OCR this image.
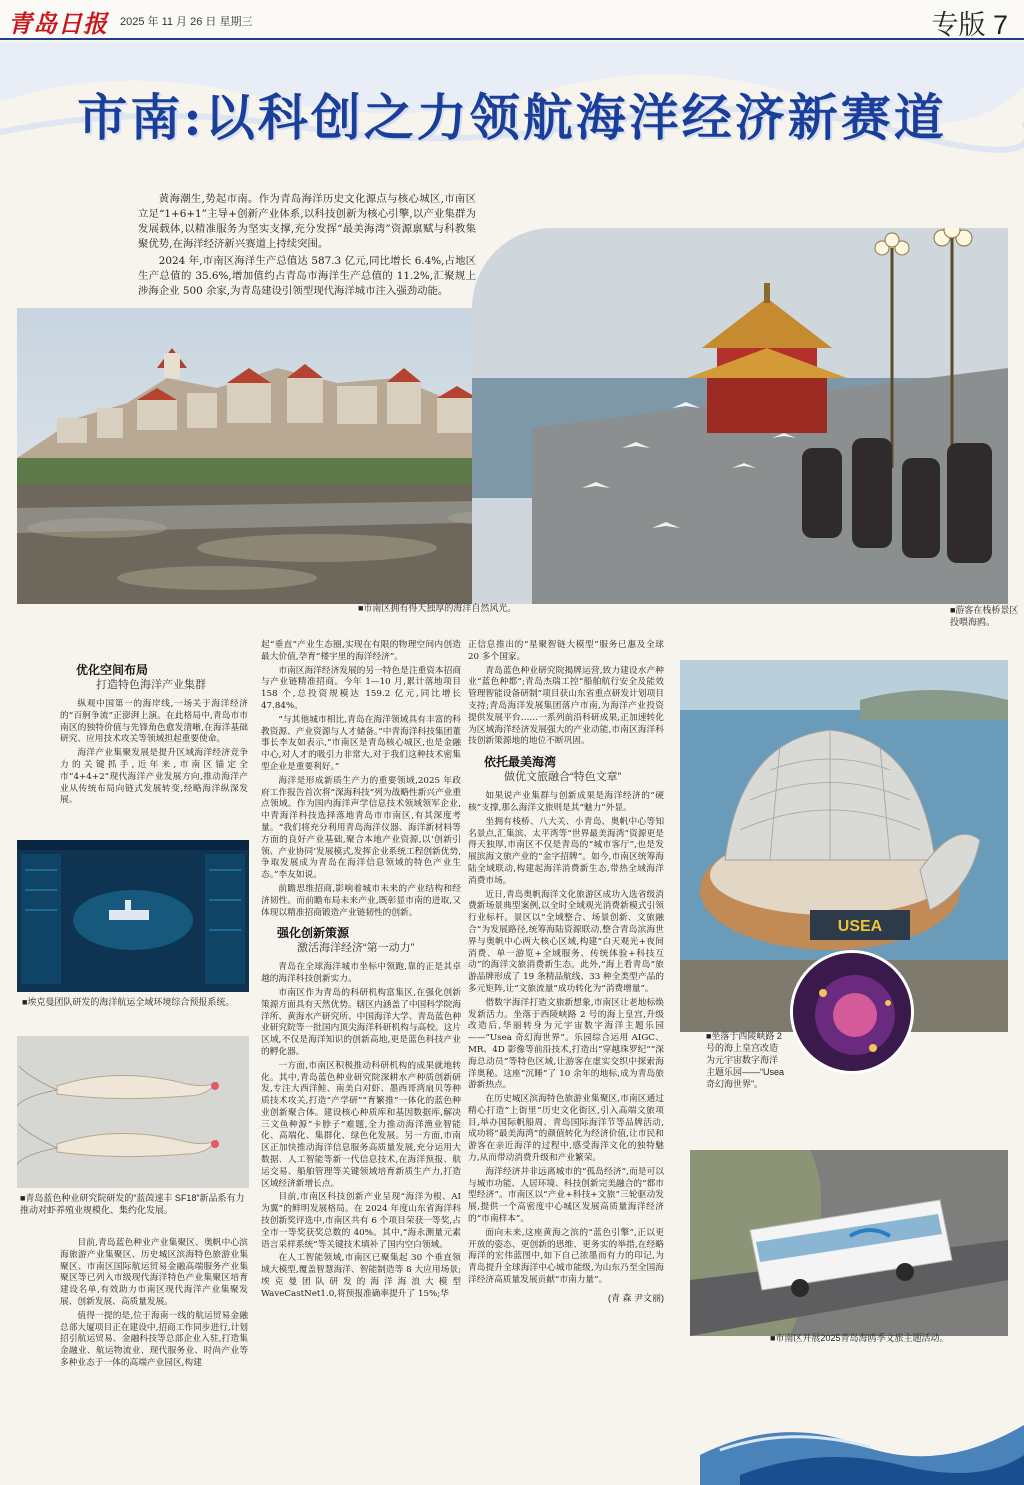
青岛日报 2025 年 11 月 26 日 星期三	专版 7
市南:以科创之力领航海洋经济新赛道

黄海潮生,势起市南。作为青岛海洋历史文化源点与核心城区,市南区立足“1+6+1”主导+创新产业体系,以科技创新为核心引擎,以产业集群为发展载体,以精准服务为坚实支撑,充分发挥“最美海湾”资源禀赋与科教集聚优势,在海洋经济新兴赛道上持续突围。

2024 年,市南区海洋生产总值达 587.3 亿元,同比增长 6.4%,占地区生产总值的 35.6%,增加值约占青岛市海洋生产总值的 11.2%,汇聚规上涉海企业 500 余家,为青岛建设引领型现代海洋城市注入强劲动能。

■市南区拥有得天独厚的海洋自然风光。	■游客在栈桥景区投喂海鸥。
优化空间布局
打造特色海洋产业集群

纵观中国第一的海岸线,一场关于海洋经济的“百舸争流”正澎湃上演。在此格局中,青岛市市南区的独特价值与先锋角色愈发清晰,在海洋基础研究、应用技术攻关等领域担起重要使命。

海洋产业集聚发展是提升区域海洋经济竞争力的关键抓手,近年来,市南区锚定全市“4+4+2”现代海洋产业发展方向,推动海洋产业从传统布局向链式发展转变,经略海洋纵深发展。

■埃克曼团队研发的海洋航运全域环境综合预报系统。
■青岛蓝色种业研究院研发的“蓝茵速丰 SF18”新品系有力推动对虾养殖业规模化、集约化发展。

目前,青岛蓝色种业产业集聚区、奥帆中心滨海旅游产业集聚区、历史城区滨海特色旅游业集聚区、市南区国际航运贸易金融高端服务产业集聚区等已列入市级现代海洋特色产业集聚区培育建设名单,有效助力市南区现代海洋产业集聚发展、创新发展、高质量发展。

值得一提的是,位于海南一线的航运贸易金融总部大厦项目正在建设中,招商工作同步进行,计划招引航运贸易、金融科技等总部企业入驻,打造集金融业、航运物流业、现代服务业、时尚产业等多种业态于一体的高端产业园区,构建

起“垂直”产业生态圈,实现在有限的物理空间内创造最大价值,孕育“楼宇里的海洋经济”。

市南区海洋经济发展的另一特色是注重资本招商与产业链精准招商。今年 1—10 月,累计落地项目 158 个,总投资规模达 159.2 亿元,同比增长 47.84%。

“与其他城市相比,青岛在海洋领域具有丰富的科教资源、产业资源与人才储备。”中青海洋科技集团董事长李友如表示,“市南区是青岛核心城区,也是金融中心,对人才的吸引力非常大,对于我们这种技术密集型企业是重要利好。”

海洋是形成新质生产力的重要领域,2025 年政府工作报告首次将“深海科技”列为战略性新兴产业重点领域。作为国内海洋声学信息技术领域领军企业,中青海洋科技选择落地青岛市市南区,有其深度考量。“我们将充分利用青岛海洋仪器、海洋新材料等方面的良好产业基础,聚合本地产业资源,以‘创新引领、产业协同’发展模式,发挥企业系统工程创新优势,争取发展成为青岛在海洋信息领域的特色产业生态。”李友如说。

前瞻思维招商,影响着城市未来的产业结构和经济韧性。而前瞻布局未来产业,既彰显市南的进取,又体现以精准招商锻造产业链韧性的创新。

强化创新策源
激活海洋经济“第一动力”

青岛在全球海洋城市坐标中领跑,靠的正是其卓越的海洋科技创新实力。

市南区作为青岛的科研机构富集区,在强化创新策源方面具有天然优势。辖区内涵盖了中国科学院海洋所、黄海水产研究所、中国海洋大学、青岛蓝色种业研究院等一批国内顶尖海洋科研机构与高校。这片区域,不仅是海洋知识的创新高地,更是蓝色科技产业的孵化器。

一方面,市南区积极推动科研机构的成果就地转化。其中,青岛蓝色种业研究院深耕水产种质创新研发,专注大西洋鲑、南美白对虾、墨西哥湾扇贝等种质技术攻关,打造“产学研”“育繁推”一体化的蓝色种业创新聚合体。建设核心种质库和基因数据库,解决三文鱼种源“卡脖子”难题,全力推动海洋渔业智能化、高端化、集群化、绿色化发展。另一方面,市南区正加快推动海洋信息服务高质量发展,充分运用大数据、人工智能等新一代信息技术,在海洋预报、航运交易、船舶管理等关键领域培育新质生产力,打造区域经济新增长点。

目前,市南区科技创新产业呈现“海洋为根、AI 为翼”的鲜明发展格局。在 2024 年度山东省海洋科技创新奖评选中,市南区共有 6 个项目荣获一等奖,占全市一等奖获奖总数的 40%。其中,“海永测量元素语言采样系统”等关键技术填补了国内空白领域。

在人工智能领域,市南区已聚集起 30 个垂直领域大模型,覆盖智慧海洋、智能制造等 8 大应用场景;埃克曼团队研发的海洋海浪大模型 WaveCastNet1.0,将预报准确率提升了 15%;华

正信息推出的“星聚智链大模型”服务已惠及全球 20 多个国家。

青岛蓝色种业研究院揭牌运营,致力建设水产种业“蓝色种都”;青岛杰瑞工控“船舶航行安全及能效管理智能设备研制”项目获山东省重点研发计划项目支持;青岛海洋发展集团落户市南,为海洋产业投资提供发展平台……一系列前沿科研成果,正加速转化为区域海洋经济发展强大的产业动能,市南区海洋科技创新策源地的地位不断巩固。

依托最美海湾
做优文旅融合“特色文章”

如果说产业集群与创新成果是海洋经济的“硬核”支撑,那么海洋文旅则是其“魅力”外显。

坐拥有栈桥、八大关、小青岛、奥帆中心等知名景点,汇集滨、太平湾等“世界最美海湾”资源更是得天独厚,市南区不仅是青岛的“城市客厅”,也是发展滨海文旅产业的“金字招牌”。如今,市南区统筹海陆全域联动,构建起海洋消费新生态,带热全域海洋消费市场。

近日,青岛奥帆海洋文化旅游区成功入选省级消费新场景典型案例,以全时全域观光消费新模式引领行业标杆。景区以“全域整合、场景创新、文旅融合”为发展路径,统筹海陆资源联动,整合青岛滨海世界与奥帆中心两大核心区域,构建“白天观光+夜间消费、单一游览+全域服务、传统体验+科技互动”的海洋文旅消费新生态。此外,“海上看青岛”旅游品牌形成了 19 条精品航线、33 种全类型产品的多元矩阵,让“文旅流量”成功转化为“消费增量”。

借数字海洋打造文旅新想象,市南区让老地标焕发新活力。坐落于西陵峡路 2 号的海上皇宫,升级改造后,华丽转身为元宇宙数字海洋主题乐园——“Usea 奇幻海世界”。乐园综合运用 AIGC、MR、4D 影像等前沿技术,打造出“穿越珠罗纪”“深海总动员”等特色区域,让游客在虚实交织中探索海洋奥秘。这座“沉睡”了 10 余年的地标,成为青岛旅游新热点。

在历史城区滨海特色旅游业集聚区,市南区通过精心打造“上街里”历史文化街区,引入高端文旅项目,举办国际帆船周、青岛国际海洋节等品牌活动,成功将“最美海湾”的颜值转化为经济价值,让市民和游客在亲近海洋的过程中,感受海洋文化的独特魅力,从而带动消费升级和产业繁荣。

海洋经济并非远离城市的“孤岛经济”,而是可以与城市功能、人居环境、科技创新完美融合的“都市型经济”。市南区以“产业+科技+文旅”三轮驱动发展,提供一个高密度中心城区发展高质量海洋经济的“市南样本”。

面向未来,这座黄海之滨的“蓝色引擎”,正以更开放的姿态、更创新的思维、更务实的举措,在经略海洋的宏伟蓝图中,如下自己浓墨而有力的印记,为青岛提升全球海洋中心城市能级,为山东乃至全国海洋经济高质量发展贡献“市南力量”。

(青 森 尹文丽)
USEA
■坐落于西陵峡路 2 号的海上皇宫改造为元宇宙数字海洋主题乐园——“Usea奇幻海世界”。
■市南区开展2025青岛海鸥季文旅主题活动。
